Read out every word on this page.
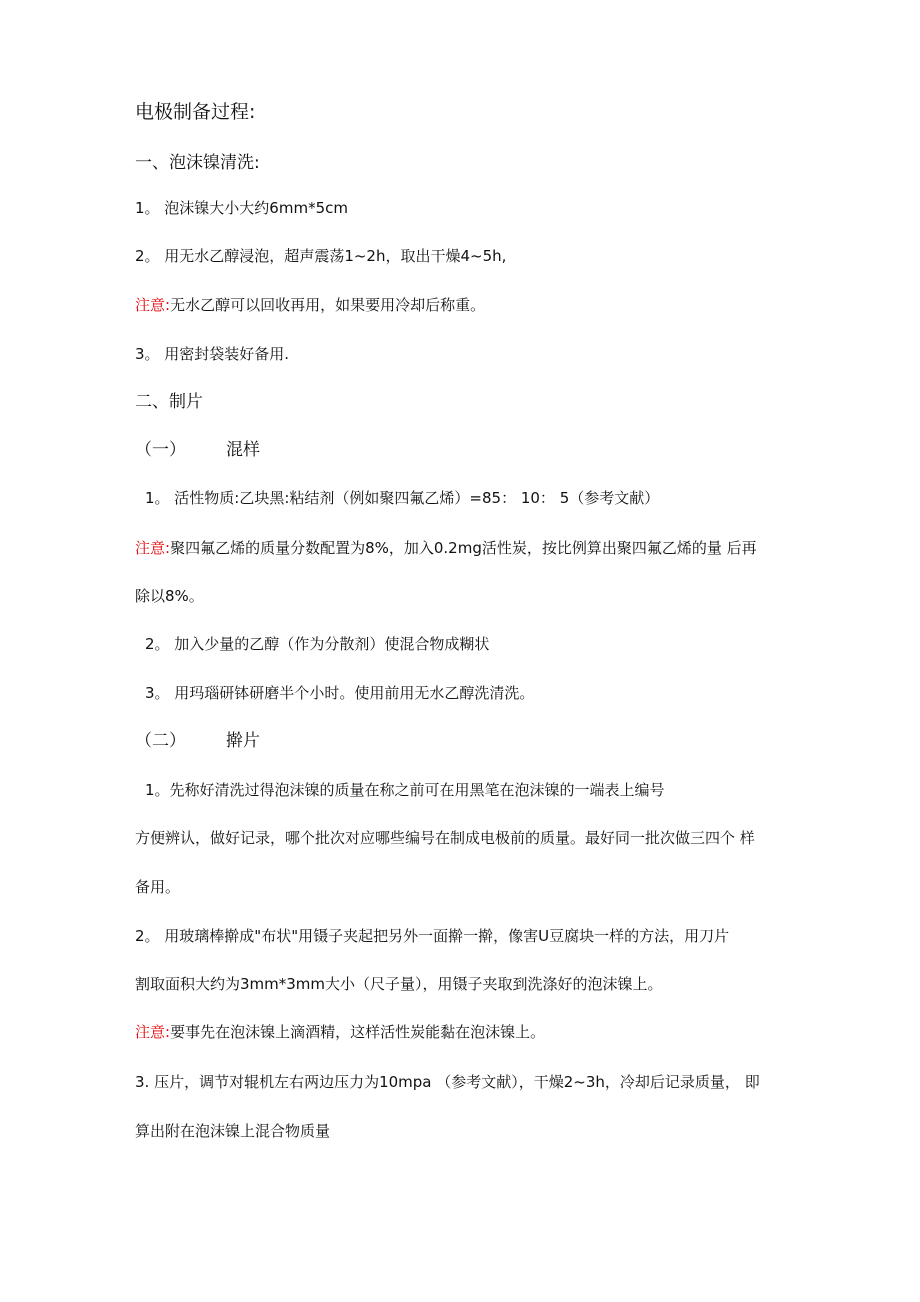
电极制备过程:
一、泡沫镍清洗:
1。 泡沫镍大小大约6mm*5cm
2。 用无水乙醇浸泡，超声震荡1~2h，取出干燥4~5h,
注意:无水乙醇可以回收再用，如果要用冷却后称重。
3。 用密封袋装好备用.
二、制片
（一） 混样
1。 活性物质:乙块黑:粘结剂（例如聚四氟乙烯）=85： 10： 5（参考文献）
注意:聚四氟乙烯的质量分数配置为8%，加入0.2mg活性炭，按比例算出聚四氟乙烯的量 后再
除以8%。
2。 加入少量的乙醇（作为分散剂）使混合物成糊状
3。 用玛瑙研钵研磨半个小时。使用前用无水乙醇洗清洗。
（二） 擀片
1。先称好清洗过得泡沫镍的质量在称之前可在用黑笔在泡沫镍的一端表上编号
方便辨认，做好记录，哪个批次对应哪些编号在制成电极前的质量。最好同一批次做三四个 样
备用。
2。 用玻璃棒擀成"布状"用镊子夹起把另外一面擀一擀，像害U豆腐块一样的方法，用刀片
割取面积大约为3mm*3mm大小（尺子量），用镊子夹取到洗涤好的泡沫镍上。
注意:要事先在泡沫镍上滴酒精，这样活性炭能黏在泡沫镍上。
3. 压片，调节对辊机左右两边压力为10mpa （参考文献），干燥2~3h，冷却后记录质量， 即
算出附在泡沫镍上混合物质量
